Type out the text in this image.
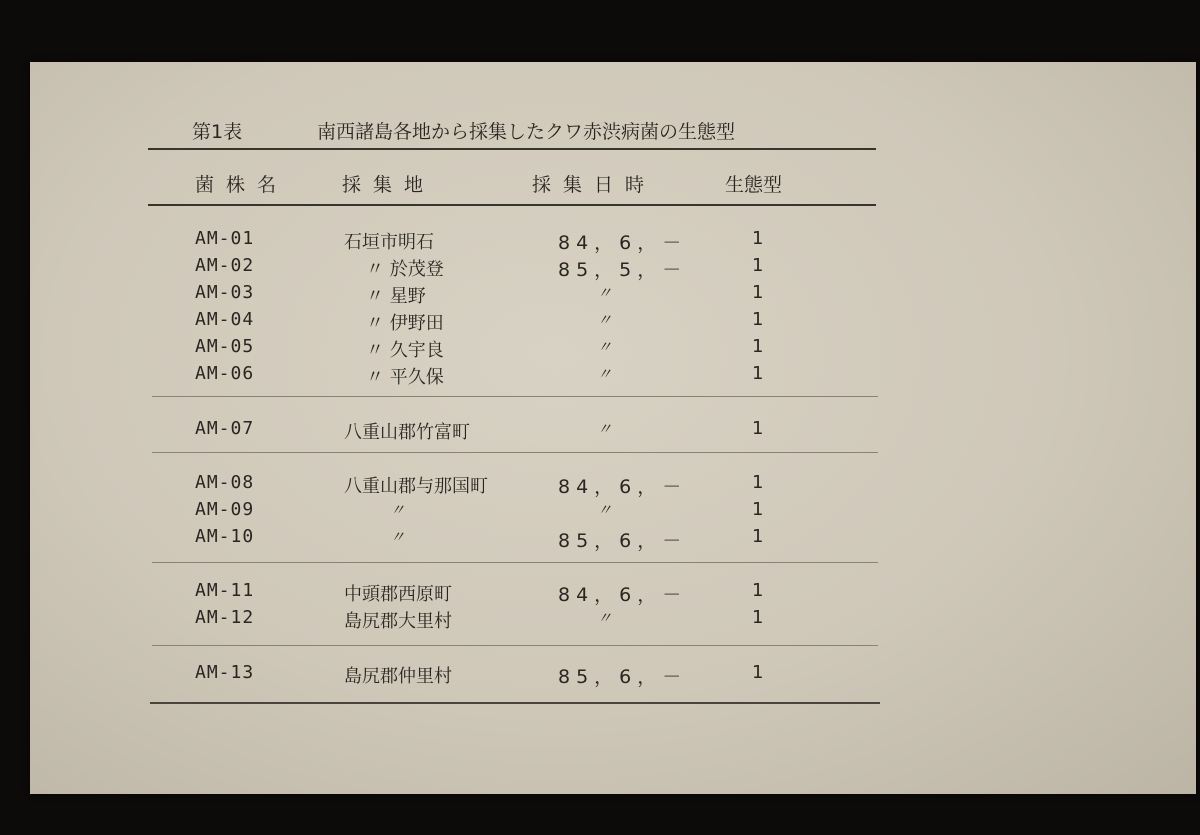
第1表	南西諸島各地から採集したクワ赤渋病菌の生態型
菌株名	採集地	採集日時	生態型
AM-01	石垣市明石	84，6，－	1
AM-02	〃 於茂登	85，5，－	1
AM-03	〃 星野	〃	1
AM-04	〃 伊野田	〃	1
AM-05	〃 久宇良	〃	1
AM-06	〃 平久保	〃	1
AM-07	八重山郡竹富町	〃	1
AM-08	八重山郡与那国町	84，6，－	1
AM-09	〃	〃	1
AM-10	〃	85，6，－	1
AM-11	中頭郡西原町	84，6，－	1
AM-12	島尻郡大里村	〃	1
AM-13	島尻郡仲里村	85，6，－	1
